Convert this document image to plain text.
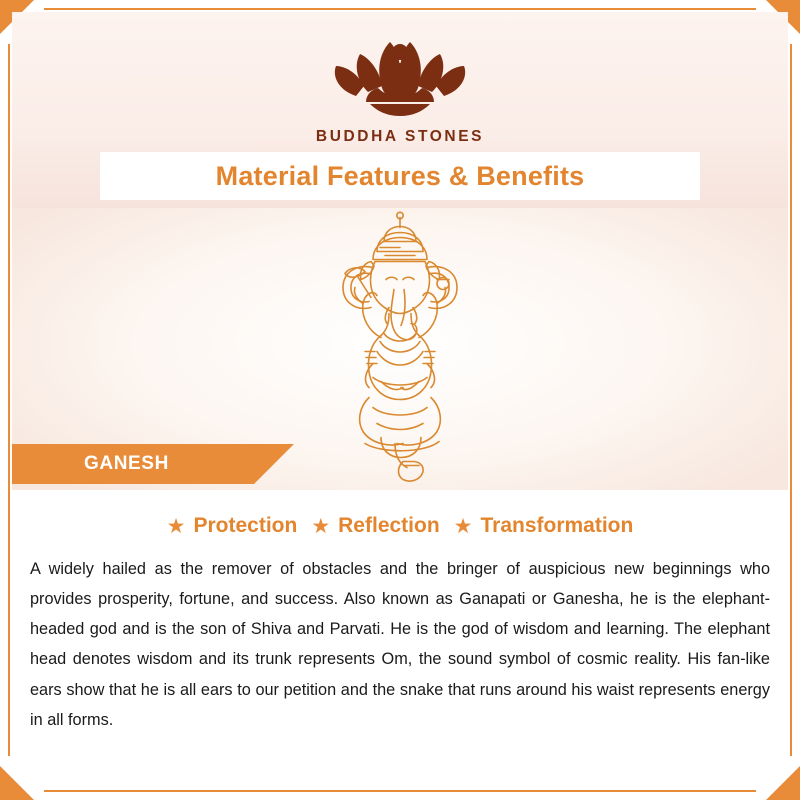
BUDDHA STONES
Material Features & Benefits
GANESH
★ Protection ★ Reflection ★ Transformation
A widely hailed as the remover of obstacles and the bringer of auspicious new beginnings who provides prosperity, fortune, and success. Also known as Ganapati or Ganesha, he is the elephant-headed god and is the son of Shiva and Parvati. He is the god of wisdom and learning. The elephant head denotes wisdom and its trunk represents Om, the sound symbol of cosmic reality. His fan-like ears show that he is all ears to our petition and the snake that runs around his waist represents energy in all forms.
